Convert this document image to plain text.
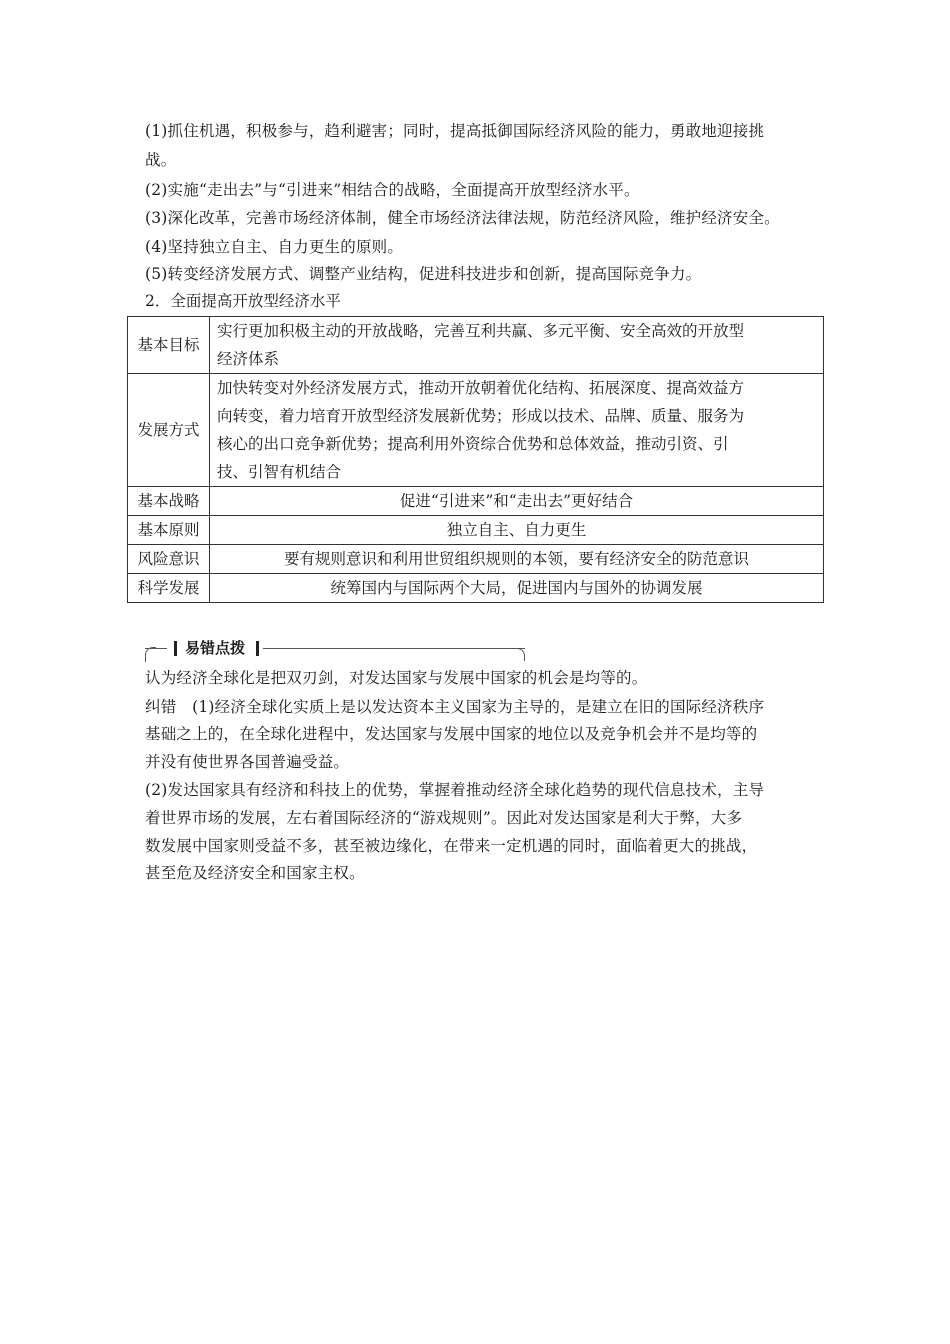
(1)抓住机遇，积极参与，趋利避害；同时，提高抵御国际经济风险的能力，勇敢地迎接挑
战。
(2)实施“走出去”与“引进来”相结合的战略，全面提高开放型经济水平。
(3)深化改革，完善市场经济体制，健全市场经济法律法规，防范经济风险，维护经济安全。
(4)坚持独立自主、自力更生的原则。
(5)转变经济发展方式、调整产业结构，促进科技进步和创新，提高国际竞争力。
2．全面提高开放型经济水平
基本目标	实行更加积极主动的开放战略，完善互利共赢、多元平衡、安全高效的开放型
经济体系

发展方式	加快转变对外经济发展方式，推动开放朝着优化结构、拓展深度、提高效益方
向转变，着力培育开放型经济发展新优势；形成以技术、品牌、质量、服务为
核心的出口竞争新优势；提高利用外资综合优势和总体效益，推动引资、引
技、引智有机结合

基本战略	促进“引进来”和“走出去”更好结合
基本原则	独立自主、自力更生
风险意识	要有规则意识和利用世贸组织规则的本领，要有经济安全的防范意识
科学发展	统筹国内与国际两个大局，促进国内与国外的协调发展
易错点拨
认为经济全球化是把双刃剑，对发达国家与发展中国家的机会是均等的。
纠错　(1)经济全球化实质上是以发达资本主义国家为主导的，是建立在旧的国际经济秩序
基础之上的，在全球化进程中，发达国家与发展中国家的地位以及竞争机会并不是均等的
并没有使世界各国普遍受益。
(2)发达国家具有经济和科技上的优势，掌握着推动经济全球化趋势的现代信息技术，主导
着世界市场的发展，左右着国际经济的“游戏规则”。因此对发达国家是利大于弊，大多
数发展中国家则受益不多，甚至被边缘化，在带来一定机遇的同时，面临着更大的挑战，
甚至危及经济安全和国家主权。
